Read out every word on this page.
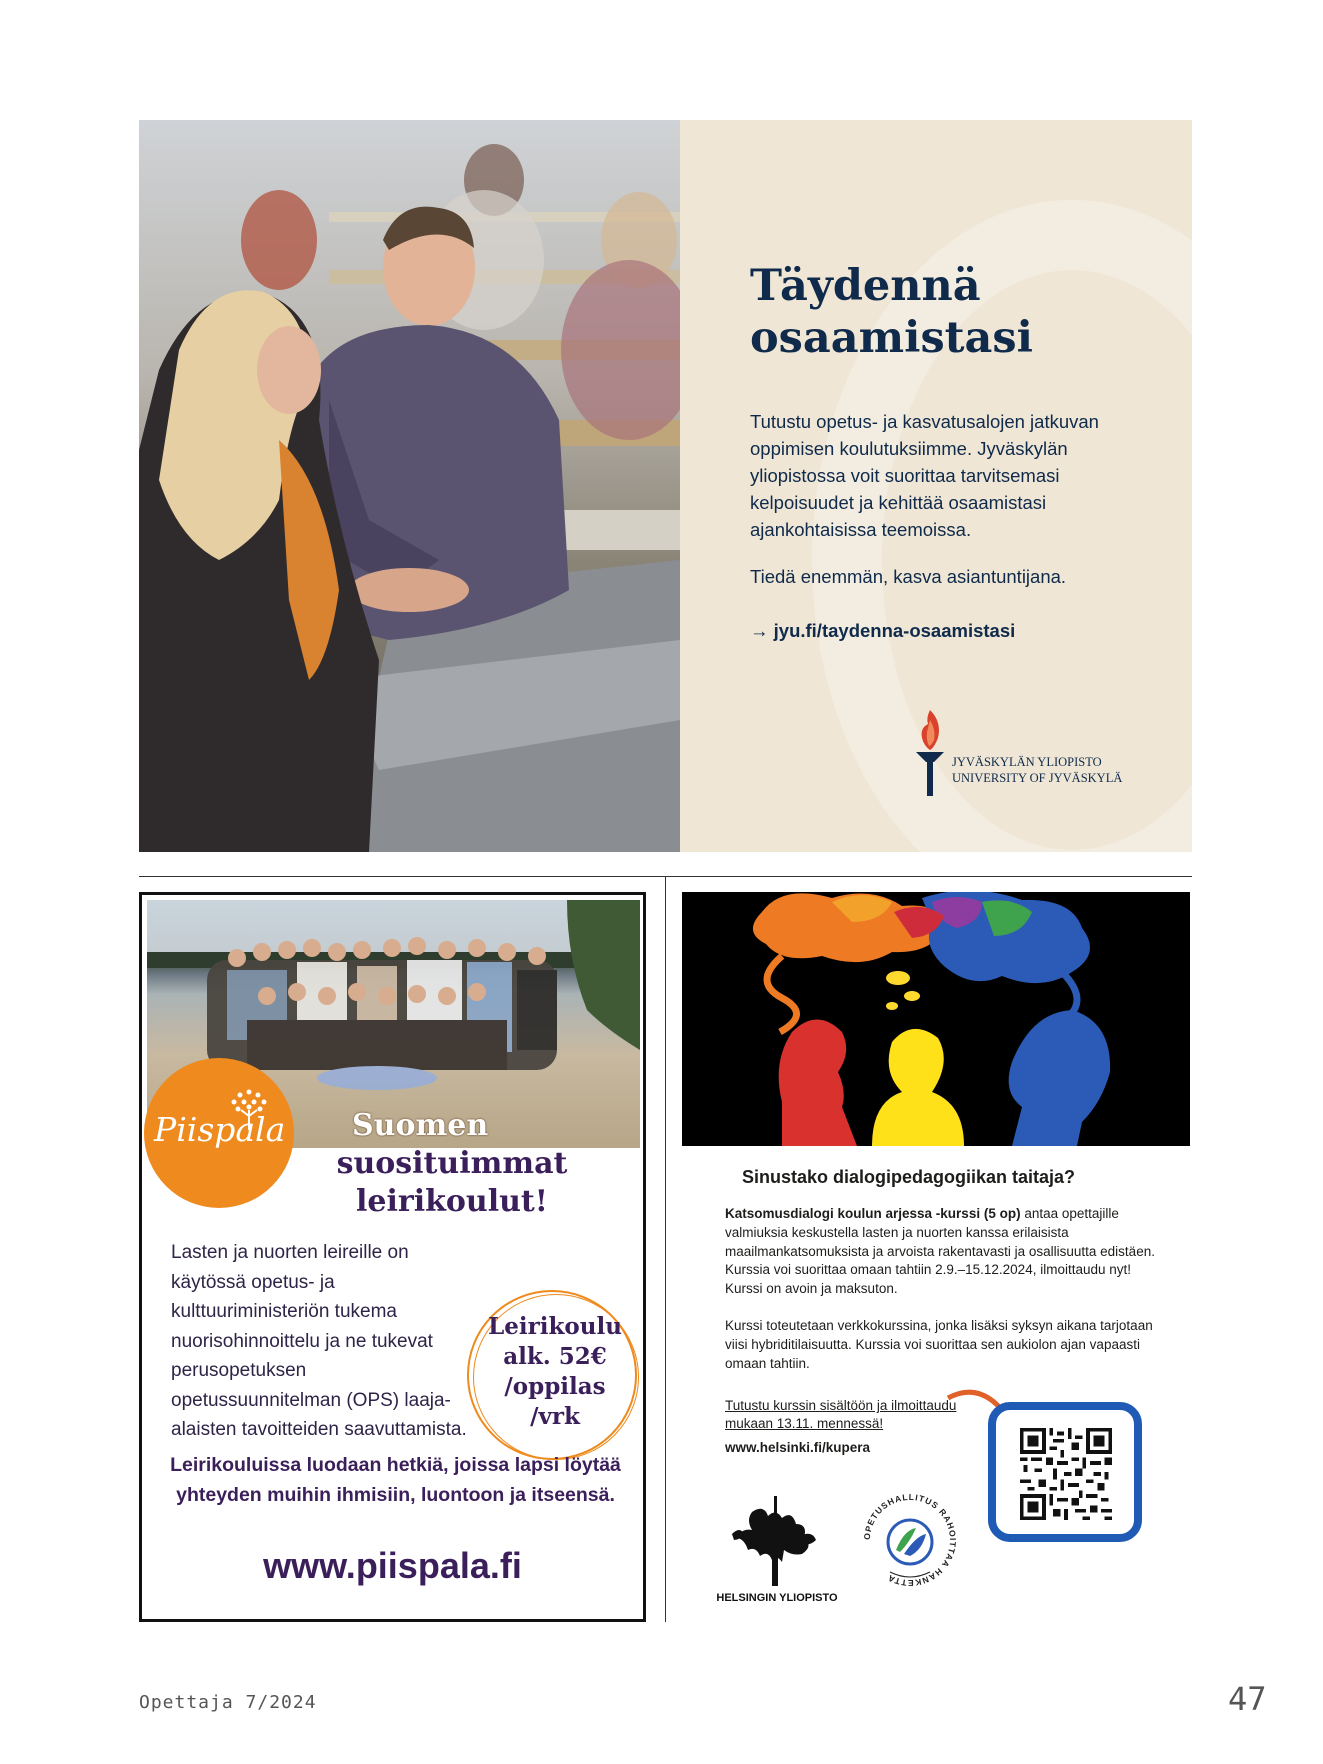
Täydennä
osaamistasi

Tutustu opetus- ja kasvatusalojen jatkuvan oppimisen koulutuksiimme. Jyväskylän yliopistossa voit suorittaa tarvitsemasi kelpoisuudet ja kehittää osaamistasi ajankohtaisissa teemoissa.

Tiedä enemmän, kasva asiantuntijana.

→ jyu.fi/taydenna-osaamistasi
JYVÄSKYLÄN YLIOPISTO
UNIVERSITY OF JYVÄSKYLÄ
Piispala Suomen
suosituimmat
leirikoulut!

Lasten ja nuorten leireille on käytössä opetus- ja kulttuuriministeriön tukema nuorisohinnoittelu ja ne tukevat perusopetuksen opetussuunnitelman (OPS) laaja-alaisten tavoitteiden saavuttamista.

Leirikoulu
alk. 52€
/oppilas
/vrk

Leirikouluissa luodaan hetkiä, joissa lapsi löytää yhteyden muihin ihmisiin, luontoon ja itseensä.

www.piispala.fi
Sinustako dialogipedagogiikan taitaja?

Katsomusdialogi koulun arjessa -kurssi (5 op) antaa opettajille valmiuksia keskustella lasten ja nuorten kanssa erilaisista maailmankatsomuksista ja arvoista rakentavasti ja osallisuutta edistäen. Kurssia voi suorittaa omaan tahtiin 2.9.–15.12.2024, ilmoittaudu nyt! Kurssi on avoin ja maksuton.

Kurssi toteutetaan verkkokurssina, jonka lisäksi syksyn aikana tarjotaan viisi hybriditilaisuutta. Kurssia voi suorittaa sen aukiolon ajan vapaasti omaan tahtiin.

Tutustu kurssin sisältöön ja ilmoittaudu mukaan 13.11. mennessä!
www.helsinki.fi/kupera
HELSINGIN YLIOPISTO
OPETUSHALLITUS RAHOITTAA HANKETTA
Opettaja 7/2024	47
